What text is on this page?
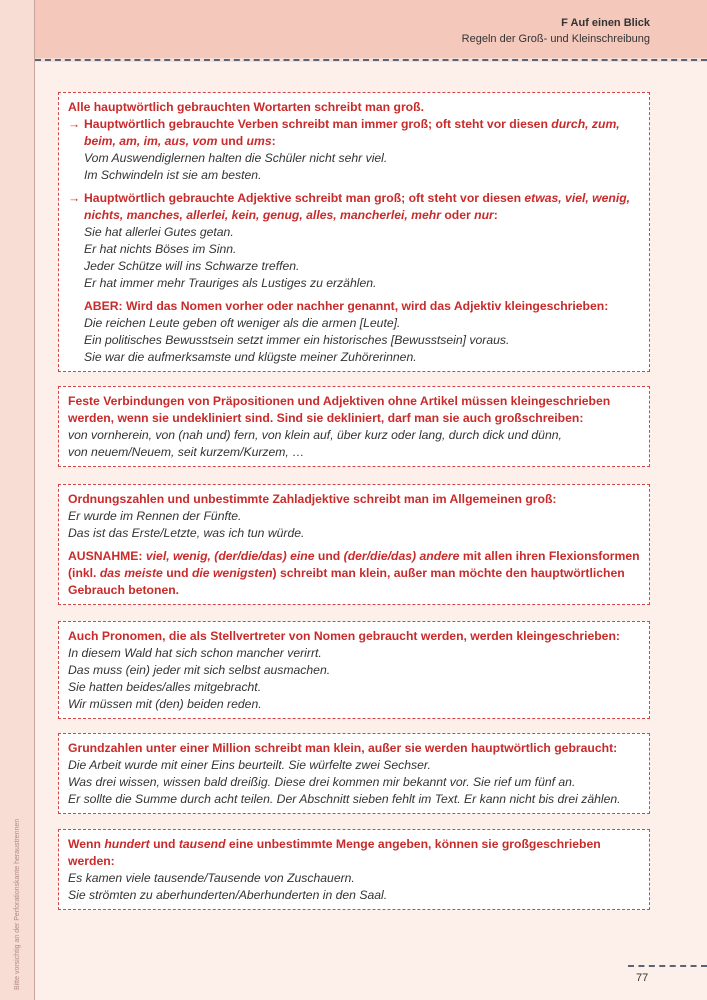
Bitte vorsichtig an der Perforationskante heraustrennen
F Auf einen Blick
Regeln der Groß- und Kleinschreibung
Alle hauptwörtlich gebrauchten Wortarten schreibt man groß.
→ Hauptwörtlich gebrauchte Verben schreibt man immer groß; oft steht vor diesen durch, zum, beim, am, im, aus, vom und ums:
Vom Auswendiglernen halten die Schüler nicht sehr viel.
Im Schwindeln ist sie am besten.
→ Hauptwörtlich gebrauchte Adjektive schreibt man groß; oft steht vor diesen etwas, viel, wenig, nichts, manches, allerlei, kein, genug, alles, mancherlei, mehr oder nur:
Sie hat allerlei Gutes getan.
Er hat nichts Böses im Sinn.
Jeder Schütze will ins Schwarze treffen.
Er hat immer mehr Trauriges als Lustiges zu erzählen.
ABER: Wird das Nomen vorher oder nachher genannt, wird das Adjektiv kleingeschrieben:
Die reichen Leute geben oft weniger als die armen [Leute].
Ein politisches Bewusstsein setzt immer ein historisches [Bewusstsein] voraus.
Sie war die aufmerksamste und klügste meiner Zuhörerinnen.
Feste Verbindungen von Präpositionen und Adjektiven ohne Artikel müssen kleingeschrieben werden, wenn sie undekliniert sind. Sind sie dekliniert, darf man sie auch großschreiben:
von vornherein, von (nah und) fern, von klein auf, über kurz oder lang, durch dick und dünn,
von neuem/Neuem, seit kurzem/Kurzem, …
Ordnungszahlen und unbestimmte Zahladjektive schreibt man im Allgemeinen groß:
Er wurde im Rennen der Fünfte.
Das ist das Erste/Letzte, was ich tun würde.
AUSNAHME: viel, wenig, (der/die/das) eine und (der/die/das) andere mit allen ihren Flexionsformen (inkl. das meiste und die wenigsten) schreibt man klein, außer man möchte den hauptwörtlichen Gebrauch betonen.
Auch Pronomen, die als Stellvertreter von Nomen gebraucht werden, werden kleingeschrieben:
In diesem Wald hat sich schon mancher verirrt.
Das muss (ein) jeder mit sich selbst ausmachen.
Sie hatten beides/alles mitgebracht.
Wir müssen mit (den) beiden reden.
Grundzahlen unter einer Million schreibt man klein, außer sie werden hauptwörtlich gebraucht:
Die Arbeit wurde mit einer Eins beurteilt. Sie würfelte zwei Sechser.
Was drei wissen, wissen bald dreißig. Diese drei kommen mir bekannt vor. Sie rief um fünf an.
Er sollte die Summe durch acht teilen. Der Abschnitt sieben fehlt im Text. Er kann nicht bis drei zählen.
Wenn hundert und tausend eine unbestimmte Menge angeben, können sie großgeschrieben werden:
Es kamen viele tausende/Tausende von Zuschauern.
Sie strömten zu aberhunderten/Aberhunderten in den Saal.
77
